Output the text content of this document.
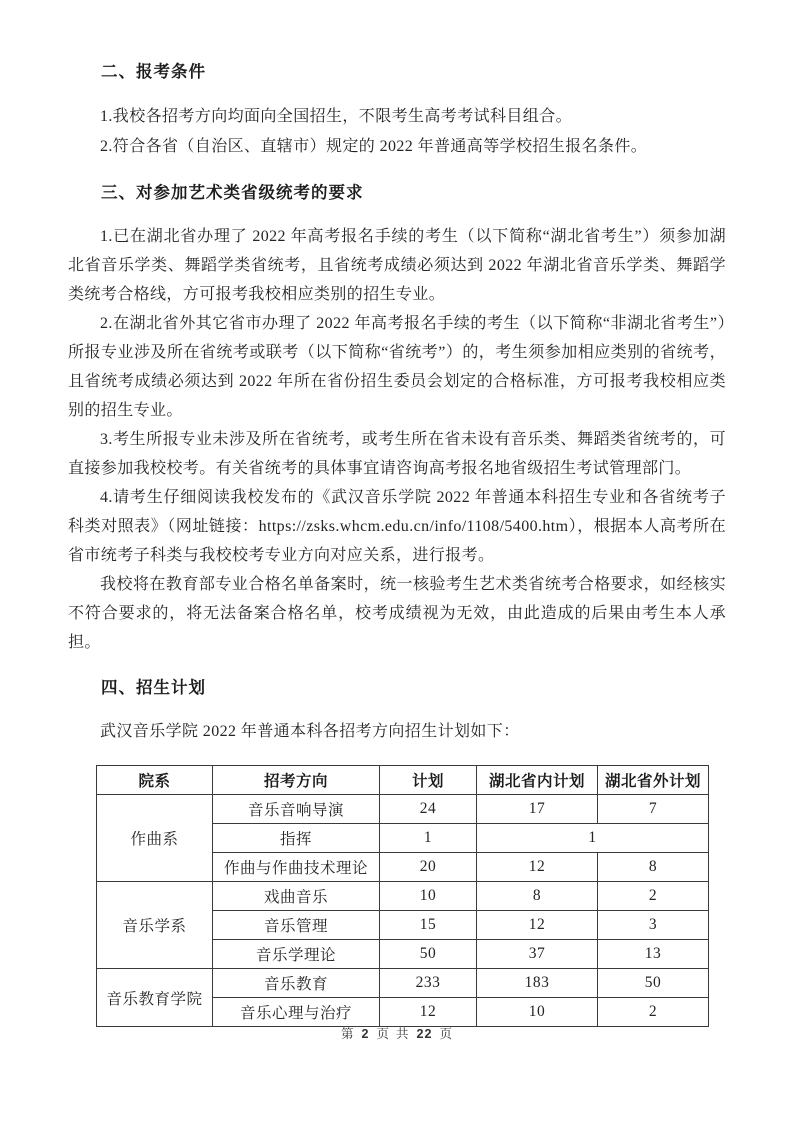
二、报考条件

1.我校各招考方向均面向全国招生，不限考生高考考试科目组合。

2.符合各省（自治区、直辖市）规定的 2022 年普通高等学校招生报名条件。

三、对参加艺术类省级统考的要求

1.已在湖北省办理了 2022 年高考报名手续的考生（以下简称“湖北省考生”）须参加湖北省音乐学类、舞蹈学类省统考，且省统考成绩必须达到 2022 年湖北省音乐学类、舞蹈学类统考合格线，方可报考我校相应类别的招生专业。

2.在湖北省外其它省市办理了 2022 年高考报名手续的考生（以下简称“非湖北省考生”）所报专业涉及所在省统考或联考（以下简称“省统考”）的，考生须参加相应类别的省统考，且省统考成绩必须达到 2022 年所在省份招生委员会划定的合格标准，方可报考我校相应类别的招生专业。

3.考生所报专业未涉及所在省统考，或考生所在省未设有音乐类、舞蹈类省统考的，可直接参加我校校考。有关省统考的具体事宜请咨询高考报名地省级招生考试管理部门。

4.请考生仔细阅读我校发布的《武汉音乐学院 2022 年普通本科招生专业和各省统考子科类对照表》（网址链接：https://zsks.whcm.edu.cn/info/1108/5400.htm），根据本人高考所在省市统考子科类与我校校考专业方向对应关系，进行报考。

我校将在教育部专业合格名单备案时，统一核验考生艺术类省统考合格要求，如经核实不符合要求的，将无法备案合格名单，校考成绩视为无效，由此造成的后果由考生本人承担。

四、招生计划

武汉音乐学院 2022 年普通本科各招考方向招生计划如下：

院系	招考方向	计划	湖北省内计划	湖北省外计划
作曲系	音乐音响导演	24	17	7
	指挥	1	1	
	作曲与作曲技术理论	20	12	8
音乐学系	戏曲音乐	10	8	2
	音乐管理	15	12	3
	音乐学理论	50	37	13
音乐教育学院	音乐教育	233	183	50
	音乐心理与治疗	12	10	2
第 2 页 共 22 页
